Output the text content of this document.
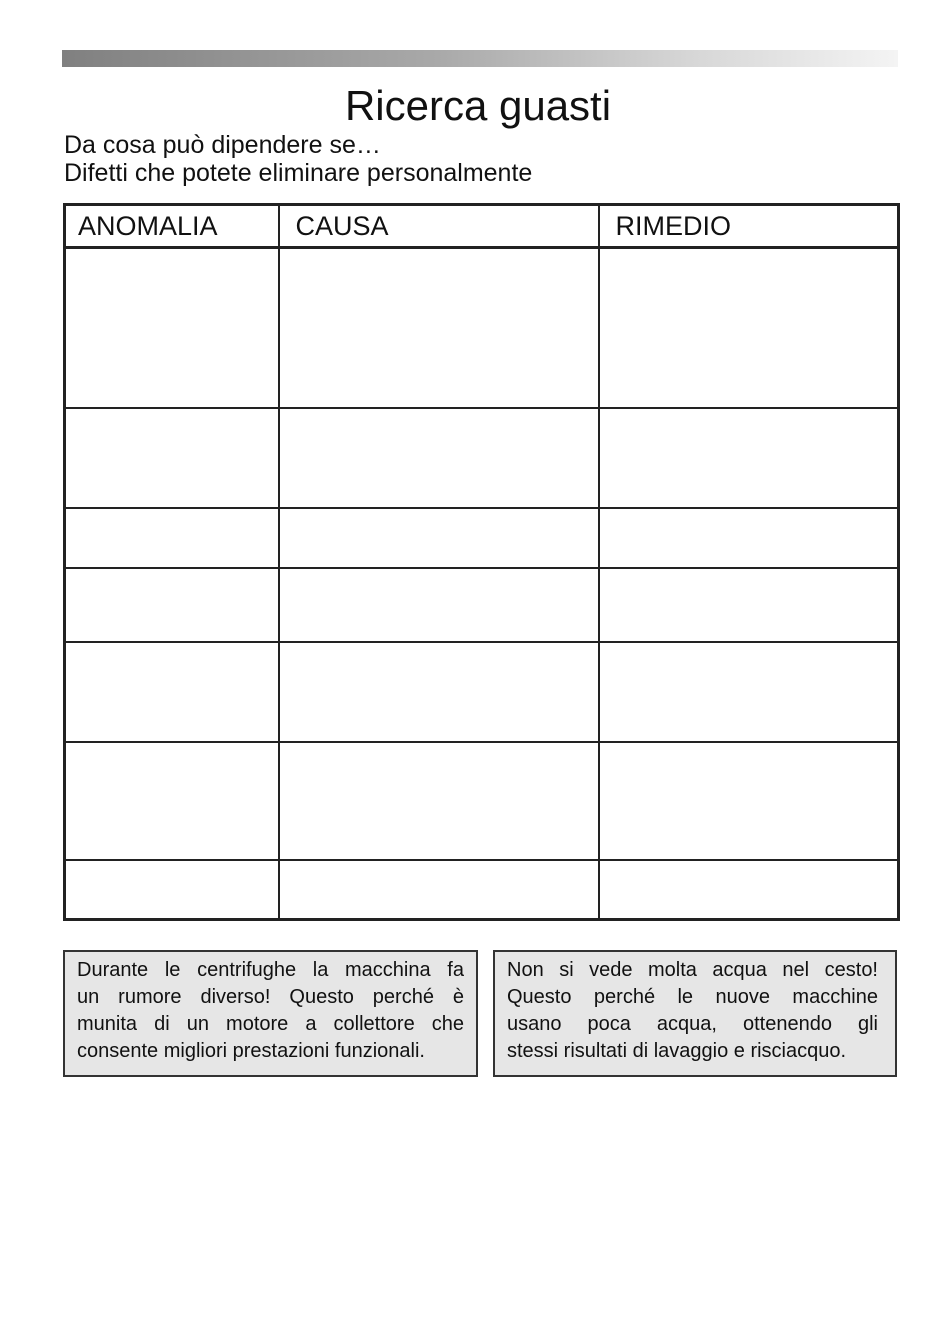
Ricerca guasti

Da cosa può dipendere se…

Difetti che potete eliminare personalmente

ANOMALIA	CAUSA	RIMEDIO

Durante le centrifughe la macchina fa
un rumore diverso! Questo perché è
munita di un motore a collettore che
consente migliori prestazioni funzionali.
Non si vede molta acqua nel cesto!
Questo perché le nuove macchine
usano poca acqua, ottenendo gli
stessi risultati di lavaggio e risciacquo.
